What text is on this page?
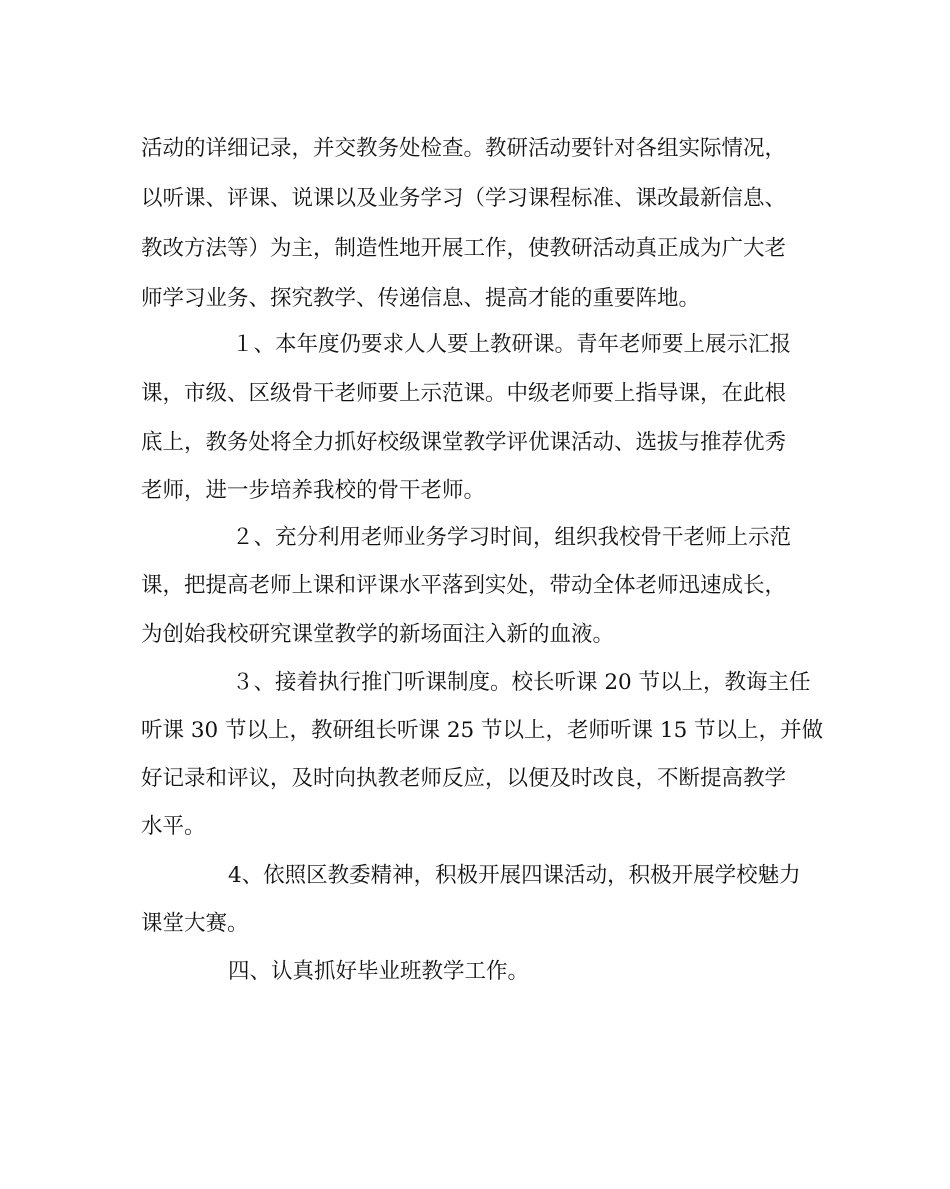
活动的详细记录，并交教务处检查。教研活动要针对各组实际情况，
以听课、评课、说课以及业务学习（学习课程标准、课改最新信息、
教改方法等）为主，制造性地开展工作，使教研活动真正成为广大老
师学习业务、探究教学、传递信息、提高才能的重要阵地。
１、本年度仍要求人人要上教研课。青年老师要上展示汇报
课，市级、区级骨干老师要上示范课。中级老师要上指导课，在此根
底上，教务处将全力抓好校级课堂教学评优课活动、选拔与推荐优秀
老师，进一步培养我校的骨干老师。
２、充分利用老师业务学习时间，组织我校骨干老师上示范
课，把提高老师上课和评课水平落到实处，带动全体老师迅速成长，
为创始我校研究课堂教学的新场面注入新的血液。
３、接着执行推门听课制度。校长听课 20 节以上，教诲主任
听课 30 节以上，教研组长听课 25 节以上，老师听课 15 节以上，并做
好记录和评议，及时向执教老师反应，以便及时改良，不断提高教学
水平。
4、依照区教委精神，积极开展四课活动，积极开展学校魅力
课堂大赛。
四、认真抓好毕业班教学工作。
